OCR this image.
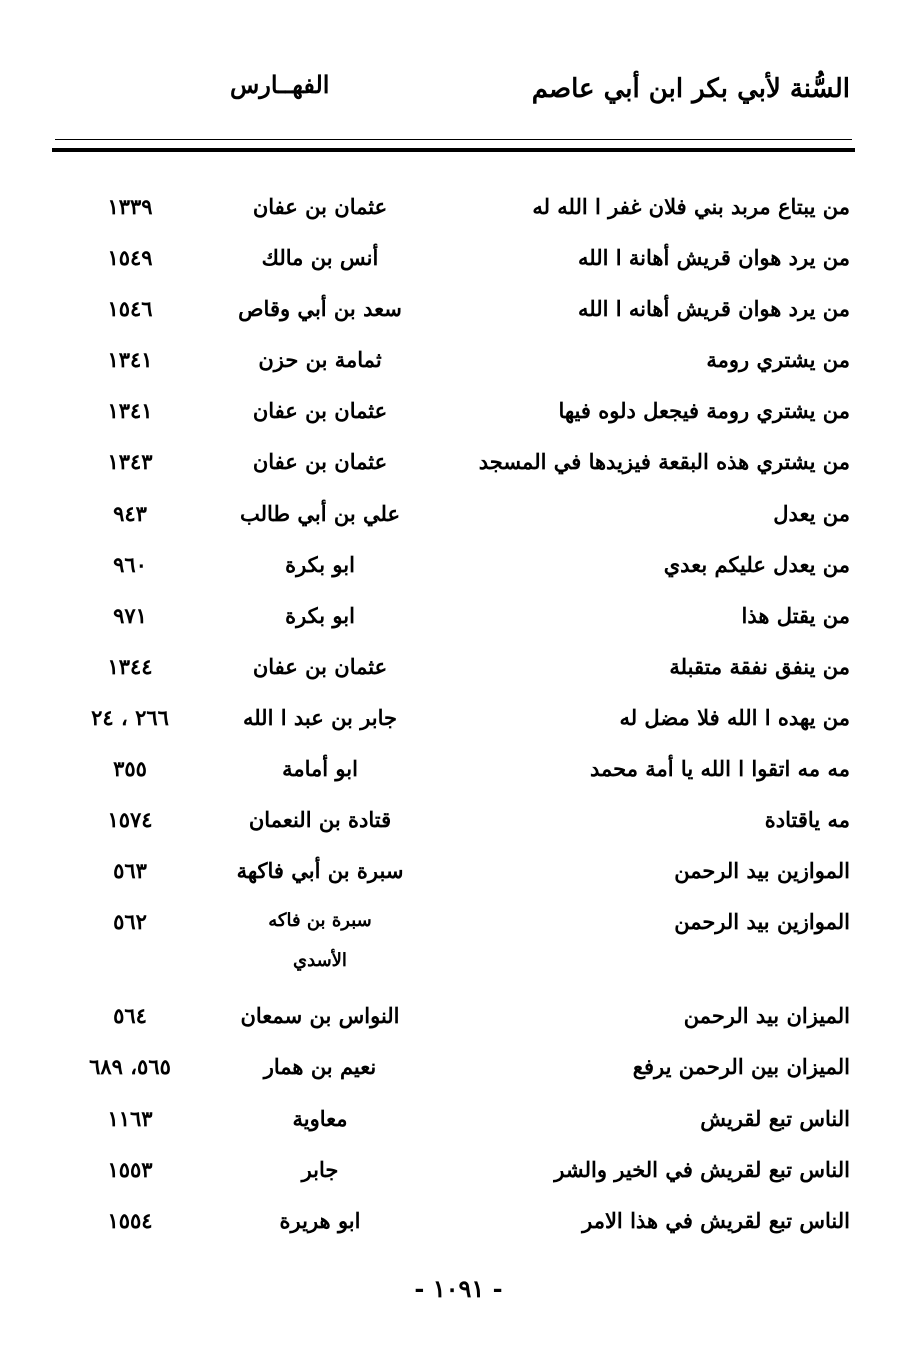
السُّنة لأبي بكر ابن أبي عاصم
الفهــارس
من يبتاع مربد بني فلان غفر ا الله له
عثمان بن عفان
١٣٣٩
من يرد هوان قريش أهانة ا الله
أنس بن مالك
١٥٤٩
من يرد هوان قريش أهانه ا الله
سعد بن أبي وقاص
١٥٤٦
من يشتري رومة
ثمامة بن حزن
١٣٤١
من يشتري رومة فيجعل دلوه فيها
عثمان بن عفان
١٣٤١
من يشتري هذه البقعة فيزيدها في المسجد
عثمان بن عفان
١٣٤٣
من يعدل
علي بن أبي طالب
٩٤٣
من يعدل عليكم بعدي
ابو بكرة
٩٦٠
من يقتل هذا
ابو بكرة
٩٧١
من ينفق نفقة متقبلة
عثمان بن عفان
١٣٤٤
من يهده ا الله فلا مضل له
جابر بن عبد ا الله
٢٦٦ ، ٢٤
مه مه اتقوا ا الله يا أمة محمد
ابو أمامة
٣٥٥
مه ياقتادة
قتادة بن النعمان
١٥٧٤
الموازين بيد الرحمن
سبرة بن أبي فاكهة
٥٦٣
الموازين بيد الرحمن
سبرة بن فاكه الأسدي
٥٦٢
الميزان بيد الرحمن
النواس بن سمعان
٥٦٤
الميزان بين الرحمن يرفع
نعيم بن همار
٥٦٥، ٦٨٩
الناس تبع لقريش
معاوية
١١٦٣
الناس تبع لقريش في الخير والشر
جابر
١٥٥٣
الناس تبع لقريش في هذا الامر
ابو هريرة
١٥٥٤
- ١٠٩١ -
